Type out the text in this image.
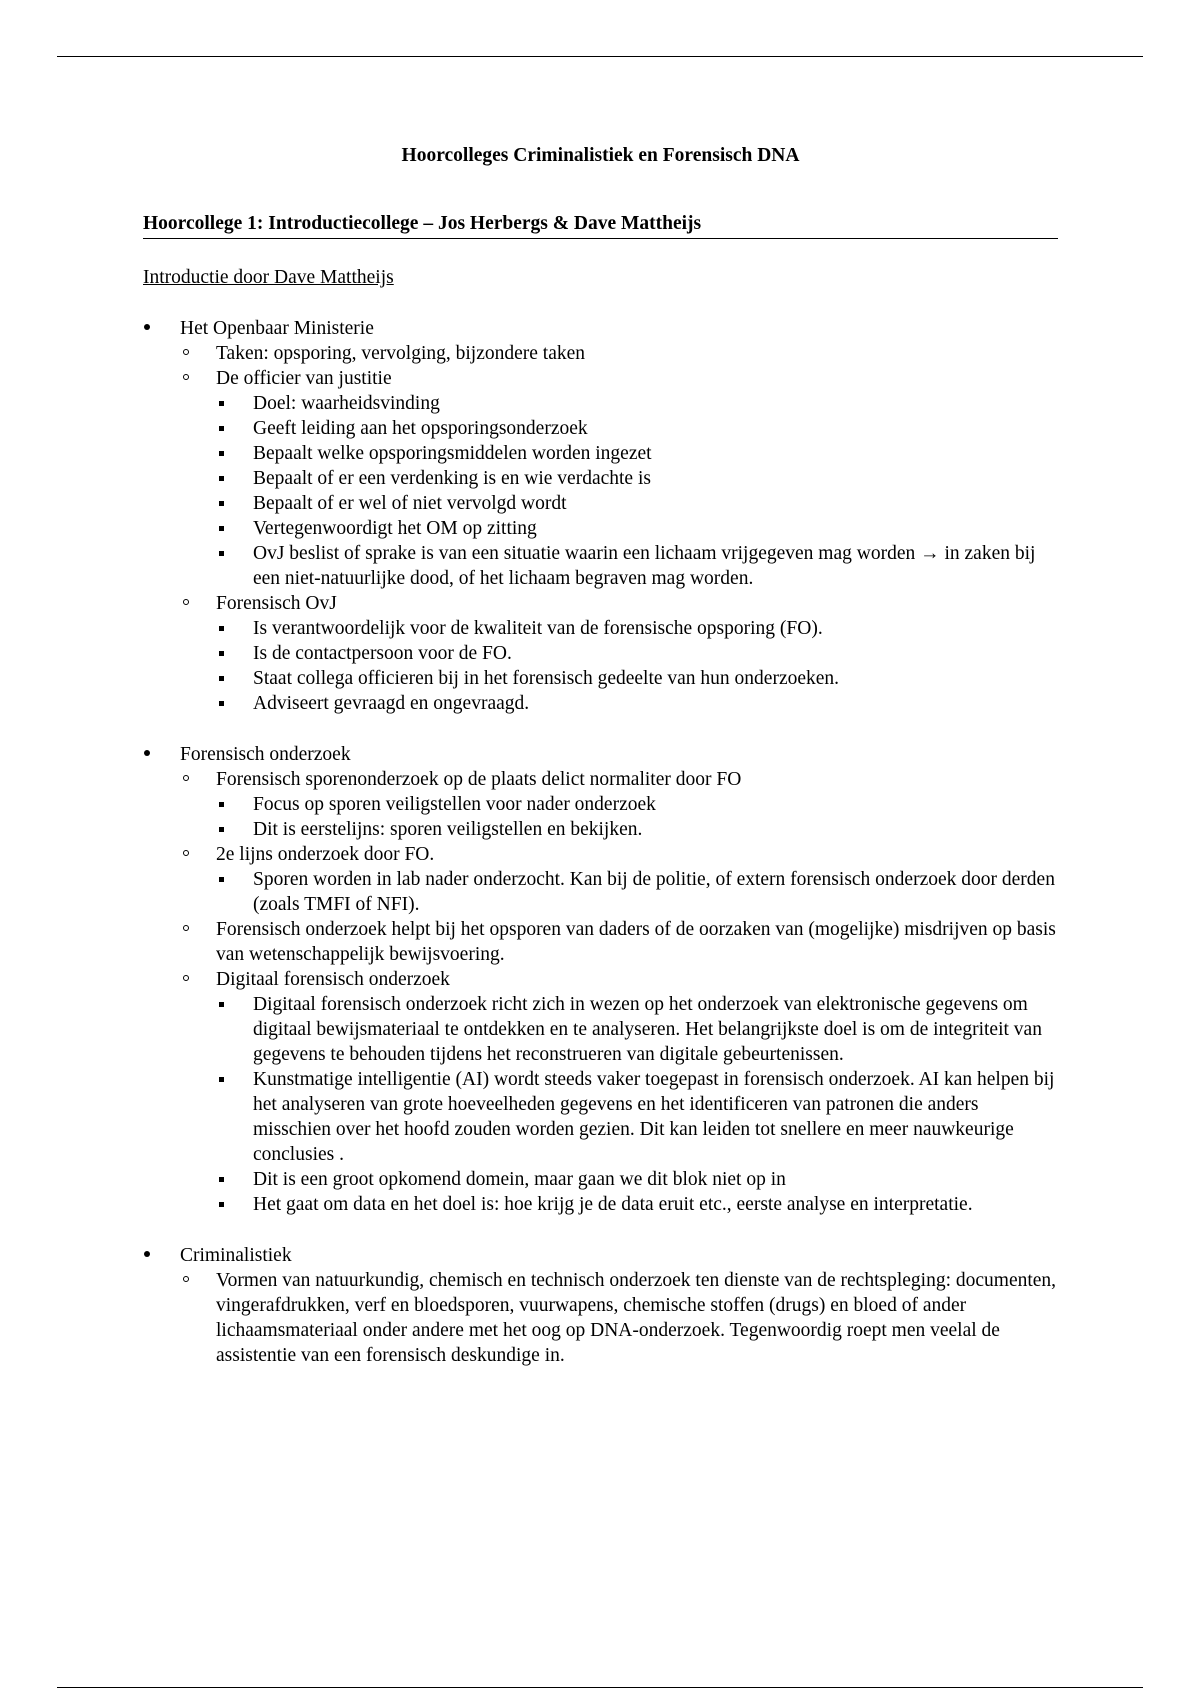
Hoorcolleges Criminalistiek en Forensisch DNA
Hoorcollege 1: Introductiecollege – Jos Herbergs & Dave Mattheijs

Introductie door Dave Mattheijs

Het Openbaar Ministerie
Taken: opsporing, vervolging, bijzondere taken
De officier van justitie
Doel: waarheidsvinding
Geeft leiding aan het opsporingsonderzoek
Bepaalt welke opsporingsmiddelen worden ingezet
Bepaalt of er een verdenking is en wie verdachte is
Bepaalt of er wel of niet vervolgd wordt
Vertegenwoordigt het OM op zitting
OvJ beslist of sprake is van een situatie waarin een lichaam vrijgegeven mag worden → in zaken bij een niet-natuurlijke dood, of het lichaam begraven mag worden.
Forensisch OvJ
Is verantwoordelijk voor de kwaliteit van de forensische opsporing (FO).
Is de contactpersoon voor de FO.
Staat collega officieren bij in het forensisch gedeelte van hun onderzoeken.
Adviseert gevraagd en ongevraagd.
Forensisch onderzoek
Forensisch sporenonderzoek op de plaats delict normaliter door FO
Focus op sporen veiligstellen voor nader onderzoek
Dit is eerstelijns: sporen veiligstellen en bekijken.
2e lijns onderzoek door FO.
Sporen worden in lab nader onderzocht. Kan bij de politie, of extern forensisch onderzoek door derden (zoals TMFI of NFI).
Forensisch onderzoek helpt bij het opsporen van daders of de oorzaken van (mogelijke) misdrijven op basis van wetenschappelijk bewijsvoering.
Digitaal forensisch onderzoek
Digitaal forensisch onderzoek richt zich in wezen op het onderzoek van elektronische gegevens om digitaal bewijsmateriaal te ontdekken en te analyseren. Het belangrijkste doel is om de integriteit van gegevens te behouden tijdens het reconstrueren van digitale gebeurtenissen.
Kunstmatige intelligentie (AI) wordt steeds vaker toegepast in forensisch onderzoek. AI kan helpen bij het analyseren van grote hoeveelheden gegevens en het identificeren van patronen die anders misschien over het hoofd zouden worden gezien. Dit kan leiden tot snellere en meer nauwkeurige conclusies .
Dit is een groot opkomend domein, maar gaan we dit blok niet op in
Het gaat om data en het doel is: hoe krijg je de data eruit etc., eerste analyse en interpretatie.
Criminalistiek
Vormen van natuurkundig, chemisch en technisch onderzoek ten dienste van de rechtspleging: documenten, vingerafdrukken, verf en bloedsporen, vuurwapens, chemische stoffen (drugs) en bloed of ander lichaamsmateriaal onder andere met het oog op DNA-onderzoek. Tegenwoordig roept men veelal de assistentie van een forensisch deskundige in.
